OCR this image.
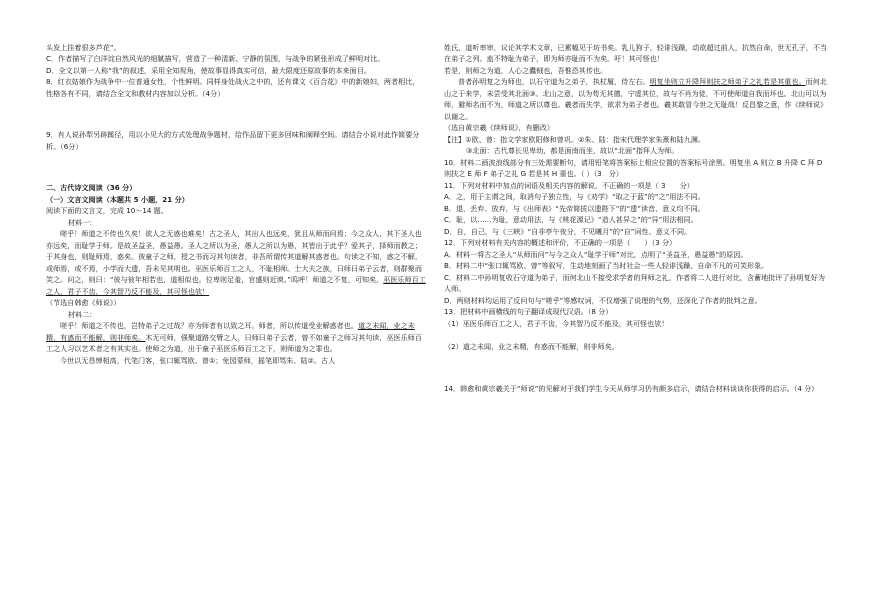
头发上挂着很多芦花”。

C．作者描写了白洋淀自然风光的细腻描写，营造了一种清新、宁静的氛围，与战争的紧张形成了鲜明对比。

D．全文以第一人称“我”的叙述，采用全知视角，使故事显得真实可信，最大限度还原故事的本来面目。

8．红衣姑娘作为战争中一位普通女性，个性鲜明。同样身处战火之中的，还有课文《百合花》中的新娘妇，两者相比，性格各有不同，请结合全文和教材内容加以分析。（4分）

9．有人说孙犁另辟蹊径，用以小见大的方式处理战争题材，给作品留下更多回味和阐释空间。请结合小说对此作简要分析。（6分）

二、古代诗文阅读（36 分）

（一）文言文阅读（本题共 5 小题，21 分）

阅读下面的文言文，完成 10～14 题。

材料一：

嗟乎！师道之不传也久矣！欲人之无惑也难矣！古之圣人，其出人也远矣，犹且从师而问焉；今之众人，其下圣人也亦远矣，而耻学于师。是故圣益圣，愚益愚。圣人之所以为圣，愚人之所以为愚，其皆出于此乎？爱其子，择师而教之；于其身也，则耻师焉，惑矣。彼童子之师，授之书而习其句读者，非吾所谓传其道解其惑者也。句读之不知，惑之不解，或师焉，或不焉，小学而大遗，吾未见其明也。巫医乐师百工之人，不耻相师。士大夫之族，曰师曰弟子云者，则群聚而笑之。问之，则曰：“彼与彼年相若也，道相似也。位卑则足羞，官盛则近谀。”呜呼！师道之不复，可知矣。巫医乐师百工之人，君子不齿，今其智乃反不能及，其可怪也欤！

（节选自韩愈《师说》）

材料二：

嗟乎！师道之不传也，岂特弟子之过哉？亦为师者有以致之耳。师者，所以传道受业解惑者也。道之未闻，业之未精，有惑而不能解，则非师矣。木无可师，强聚道路交臂之人，曰师曰弟子云者，曾不如童子之师习其句读，巫医乐师百工之人习以艺术者之有其实也。使师之为道，出于童子巫医乐师百工之下，则师道为之罪也。

今世以无恳惮相高，代笔门客，张口辄骂欧、曾①；免园蒙师，摇笔即骂朱、陆②。古人

姓氏，道听率审，议论其学术文章，已累幅见于坊书矣。乳儿狗子，轻诽浅躁，动欲超过前人，抗然自命，世无孔子，不当在弟子之列。盍不特耻为弟子，即为师亦耻而不为矣。吁！其可怪也！

若是，则师之为道，人心之蠹贼也，吾惟恐其传也。

普者孙明复之为师也，以石守道为之弟子，执杖履，侍左右。明复坐则立升降拜则扶之师弟子之礼若是其重也。而何北山之于来学，未尝受其北面③。北山之意，以为苟无其德，宁虚其位，故与不肖为徒，不可使师道自我而坏也。北山可以为师，避师名而不为，师道之所以尊也。羲者而失学，欲求为弟子者也。羲其敢冒今世之无耻哉！反昌黎之意，作《续师说》以谢之。

（选自黄宗羲《续师说》，有删改）

【注】①欧、曾：指文学家欧阳修和曾巩。②朱、陆：指宋代理学家朱熹和陆九渊。

③北面：古代尊长见卑幼，都是面南而坐，故以“北面”指拜人为师。

10．材料二画波浪线部分有三处需要断句，请用铅笔将答案标上相应位置的答案标号涂黑。明复坐 A 则立 B 升降 C 拜 D 则扶之 E 师 F 弟子之礼 G 若是其 H 重也。（ ）（3　分）

11．下列对材料中加点的词语及相关内容的解说，不正确的一项是（ 3　　分）

A．之，用于主谓之间，取消句子独立性，与《劝学》“取之于蓝”的“之”用法不同。

B．退，丢弃、放弃，与《出师表》“先帝简拔以遗陛下”的“遗”读音、意义均不同。

C．耻，以……为耻，意动用法，与《桃花源记》“造人甚异之”的“异”用法相同。

D．自，自己，与《三峡》“自非亭午夜分，不见曦月”的“自”词性、意义不同。

12．下列对材料有关内容的概述和评价，不正确的一项是（　　）（3 分）

A．材料一将古之圣人“从师而问”与今之众人“耻学于师”对比，点明了“圣益圣，愚益愚”的原因。

B．材料二中“张口辄骂欧、曾”等叙写，生动地刻画了当时社会一些人轻诽浅躁、自命不凡的可笑形象。

C．材料二中孙明复收石守道为弟子，而何北山不接受求学者的拜师之礼，作者将二人进行对比，含蓄地批评了孙明复好为人师。

D．两则材料均运用了反问句与“嗟乎”等感叹词，不仅增强了说理的气势，还深化了作者的批判之意。

13．把材料中画横线的句子翻译成现代汉语。（8 分）

（1）巫医乐师百工之人，君子不齿，今其智乃反不能及，其可怪也欤！

（2）道之未闻，业之未精，有惑而不能解，则非师矣。

14．韩愈和黄宗羲关于“师说”的见解对于我们学生今天从师学习仍有颇多启示，请结合材料谈谈你获得的启示。（4 分）
